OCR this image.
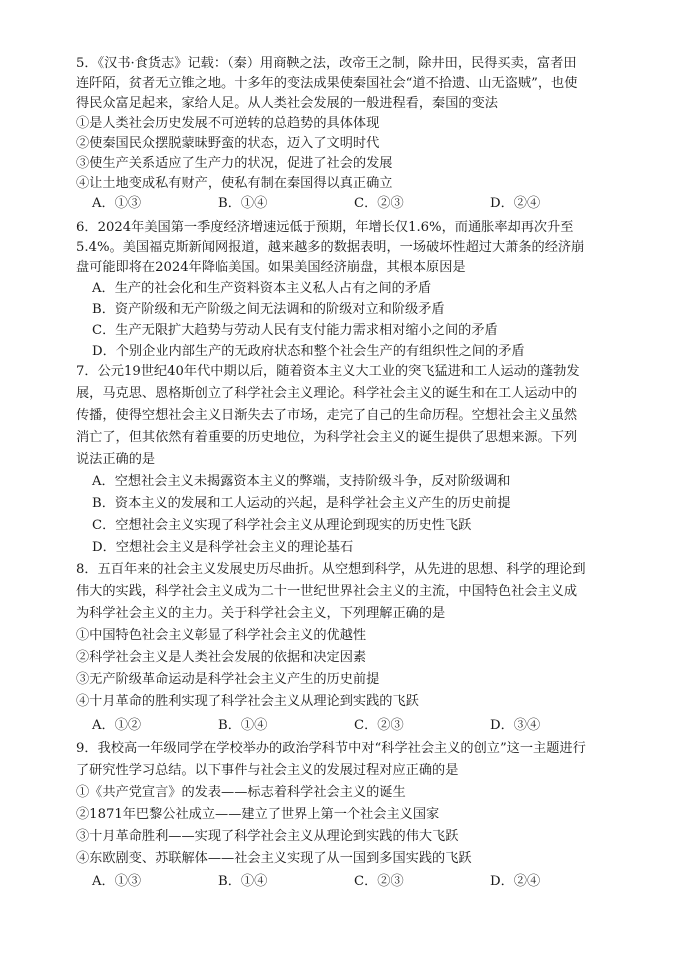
5．《汉书·食货志》记载：（秦）用商鞅之法，改帝王之制，除井田，民得买卖，富者田
连阡陌，贫者无立锥之地。十多年的变法成果使秦国社会“道不拾遗、山无盗贼”，也使
得民众富足起来，家给人足。从人类社会发展的一般进程看，秦国的变法
①是人类社会历史发展不可逆转的总趋势的具体体现
②使秦国民众摆脱蒙昧野蛮的状态，迈入了文明时代
③使生产关系适应了生产力的状况，促进了社会的发展
④让土地变成私有财产，使私有制在秦国得以真正确立
A．①③	B．①④	C．②③	D．②④
6．2024年美国第一季度经济增速远低于预期，年增长仅1.6%，而通胀率却再次升至
5.4%。美国福克斯新闻网报道，越来越多的数据表明，一场破坏性超过大萧条的经济崩
盘可能即将在2024年降临美国。如果美国经济崩盘，其根本原因是
A．生产的社会化和生产资料资本主义私人占有之间的矛盾
B．资产阶级和无产阶级之间无法调和的阶级对立和阶级矛盾
C．生产无限扩大趋势与劳动人民有支付能力需求相对缩小之间的矛盾
D．个别企业内部生产的无政府状态和整个社会生产的有组织性之间的矛盾
7．公元19世纪40年代中期以后，随着资本主义大工业的突飞猛进和工人运动的蓬勃发
展，马克思、恩格斯创立了科学社会主义理论。科学社会主义的诞生和在工人运动中的
传播，使得空想社会主义日渐失去了市场，走完了自己的生命历程。空想社会主义虽然
消亡了，但其依然有着重要的历史地位，为科学社会主义的诞生提供了思想来源。下列
说法正确的是
A．空想社会主义未揭露资本主义的弊端，支持阶级斗争，反对阶级调和
B．资本主义的发展和工人运动的兴起，是科学社会主义产生的历史前提
C．空想社会主义实现了科学社会主义从理论到现实的历史性飞跃
D．空想社会主义是科学社会主义的理论基石
8．五百年来的社会主义发展史历尽曲折。从空想到科学，从先进的思想、科学的理论到
伟大的实践，科学社会主义成为二十一世纪世界社会主义的主流，中国特色社会主义成
为科学社会主义的主力。关于科学社会主义，下列理解正确的是
①中国特色社会主义彰显了科学社会主义的优越性
②科学社会主义是人类社会发展的依据和决定因素
③无产阶级革命运动是科学社会主义产生的历史前提
④十月革命的胜利实现了科学社会主义从理论到实践的飞跃
A．①②	B．①④	C．②③	D．③④
9．我校高一年级同学在学校举办的政治学科节中对“科学社会主义的创立”这一主题进行
了研究性学习总结。以下事件与社会主义的发展过程对应正确的是
①《共产党宣言》的发表——标志着科学社会主义的诞生
②1871年巴黎公社成立——建立了世界上第一个社会主义国家
③十月革命胜利——实现了科学社会主义从理论到实践的伟大飞跃
④东欧剧变、苏联解体——社会主义实现了从一国到多国实践的飞跃
A．①③	B．①④	C．②③	D．②④
